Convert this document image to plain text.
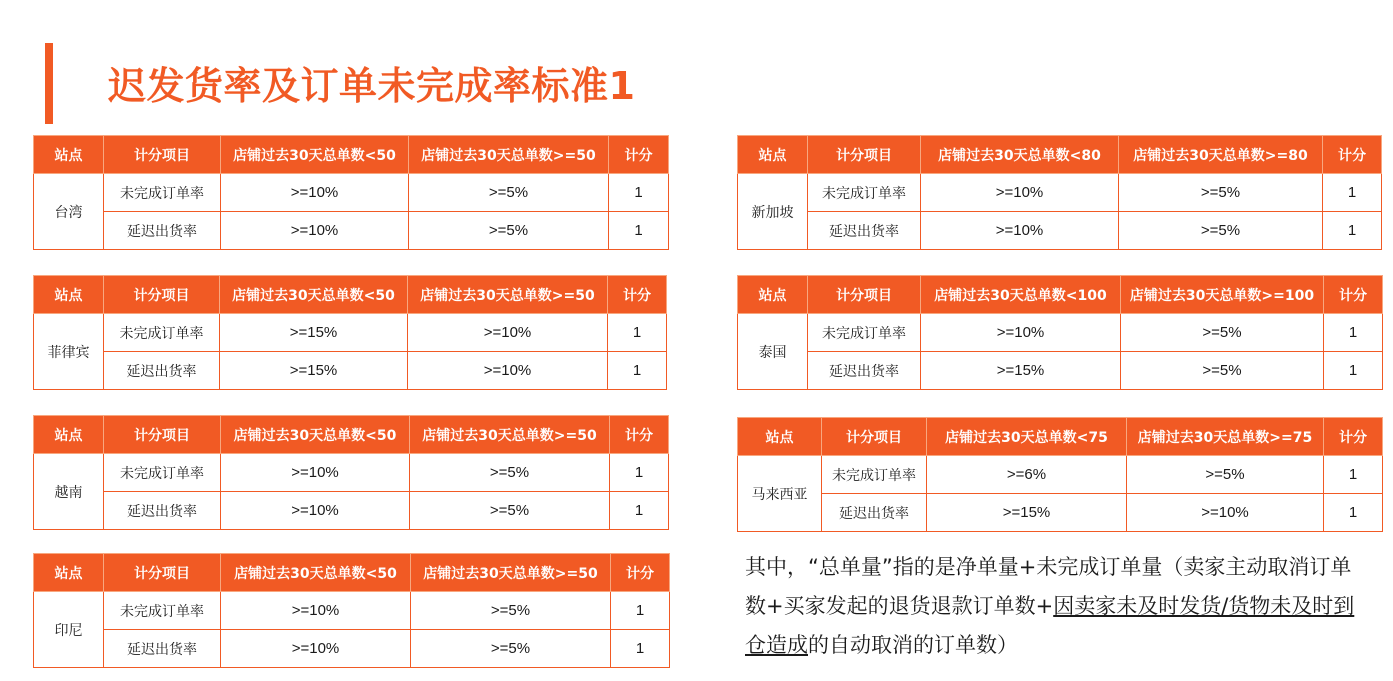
迟发货率及订单未完成率标准1
站点	计分项目	店铺过去30天总单数<50	店铺过去30天总单数>=50	计分
台湾	未完成订单率	>=10%	>=5%	1
	延迟出货率	>=10%	>=5%	1
站点	计分项目	店铺过去30天总单数<50	店铺过去30天总单数>=50	计分
菲律宾	未完成订单率	>=15%	>=10%	1
	延迟出货率	>=15%	>=10%	1
站点	计分项目	店铺过去30天总单数<50	店铺过去30天总单数>=50	计分
越南	未完成订单率	>=10%	>=5%	1
	延迟出货率	>=10%	>=5%	1
站点	计分项目	店铺过去30天总单数<50	店铺过去30天总单数>=50	计分
印尼	未完成订单率	>=10%	>=5%	1
	延迟出货率	>=10%	>=5%	1
站点	计分项目	店铺过去30天总单数<80	店铺过去30天总单数>=80	计分
新加坡	未完成订单率	>=10%	>=5%	1
	延迟出货率	>=10%	>=5%	1
站点	计分项目	店铺过去30天总单数<100	店铺过去30天总单数>=100	计分
泰国	未完成订单率	>=10%	>=5%	1
	延迟出货率	>=15%	>=5%	1
站点	计分项目	店铺过去30天总单数<75	店铺过去30天总单数>=75	计分
马来西亚	未完成订单率	>=6%	>=5%	1
	延迟出货率	>=15%	>=10%	1
其中，“总单量”指的是净单量+未完成订单量（卖家主动取消订单数+买家发起的退货退款订单数+因卖家未及时发货/货物未及时到仓造成的自动取消的订单数）
